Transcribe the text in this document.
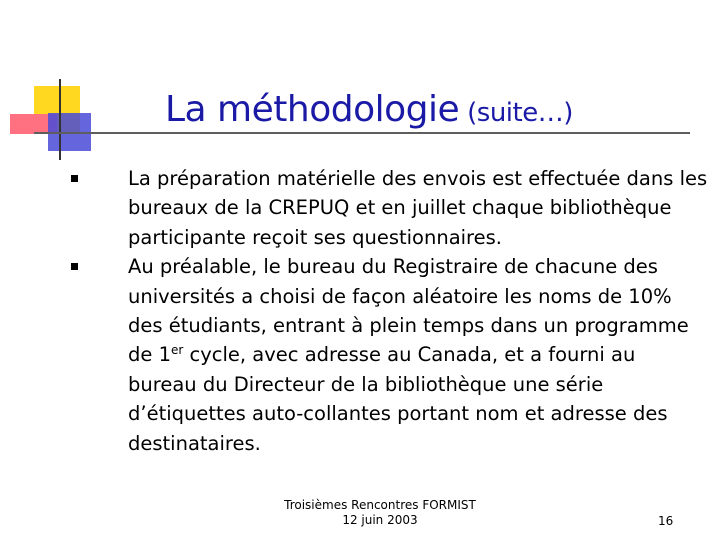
La méthodologie (suite…)
La préparation matérielle des envois est effectuée dans les bureaux de la CREPUQ et en juillet chaque bibliothèque participante reçoit ses questionnaires.
Au préalable, le bureau du Registraire de chacune des universités a choisi de façon aléatoire les noms de 10% des étudiants, entrant à plein temps dans un programme de 1er cycle, avec adresse au Canada, et a fourni au bureau du Directeur de la bibliothèque une série d’étiquettes auto-collantes portant nom et adresse des destinataires.
Troisièmes Rencontres FORMIST
12 juin 2003	16
